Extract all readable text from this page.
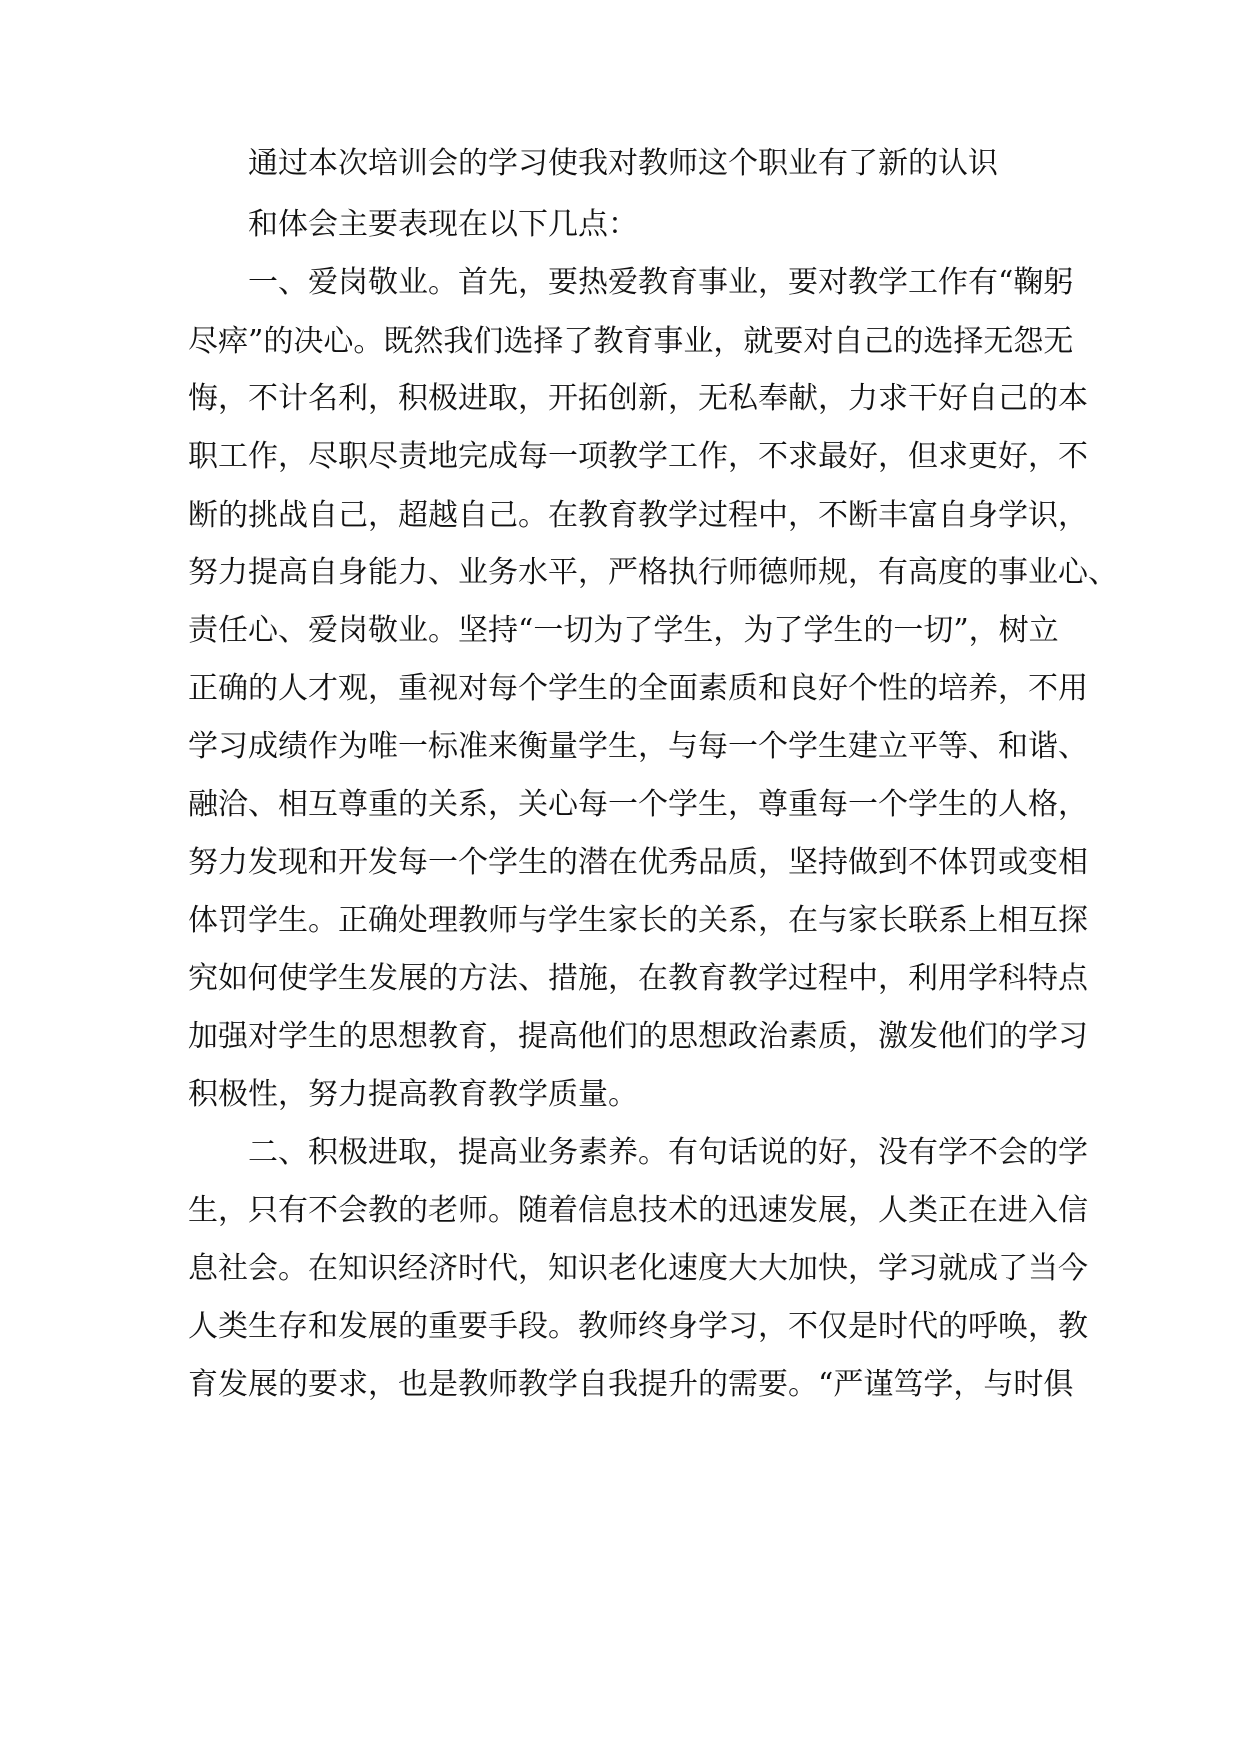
通过本次培训会的学习使我对教师这个职业有了新的认识
和体会主要表现在以下几点：
一、爱岗敬业。首先，要热爱教育事业，要对教学工作有“鞠躬
尽瘁”的决心。既然我们选择了教育事业，就要对自己的选择无怨无
悔，不计名利，积极进取，开拓创新，无私奉献，力求干好自己的本
职工作，尽职尽责地完成每一项教学工作，不求最好，但求更好，不
断的挑战自己，超越自己。在教育教学过程中，不断丰富自身学识，
努力提高自身能力、业务水平，严格执行师德师规，有高度的事业心、
责任心、爱岗敬业。坚持“一切为了学生，为了学生的一切”，树立
正确的人才观，重视对每个学生的全面素质和良好个性的培养，不用
学习成绩作为唯一标准来衡量学生，与每一个学生建立平等、和谐、
融洽、相互尊重的关系，关心每一个学生，尊重每一个学生的人格，
努力发现和开发每一个学生的潜在优秀品质，坚持做到不体罚或变相
体罚学生。正确处理教师与学生家长的关系，在与家长联系上相互探
究如何使学生发展的方法、措施，在教育教学过程中，利用学科特点
加强对学生的思想教育，提高他们的思想政治素质，激发他们的学习
积极性，努力提高教育教学质量。
二、积极进取，提高业务素养。有句话说的好，没有学不会的学
生，只有不会教的老师。随着信息技术的迅速发展，人类正在进入信
息社会。在知识经济时代，知识老化速度大大加快，学习就成了当今
人类生存和发展的重要手段。教师终身学习，不仅是时代的呼唤，教
育发展的要求，也是教师教学自我提升的需要。“严谨笃学，与时俱
